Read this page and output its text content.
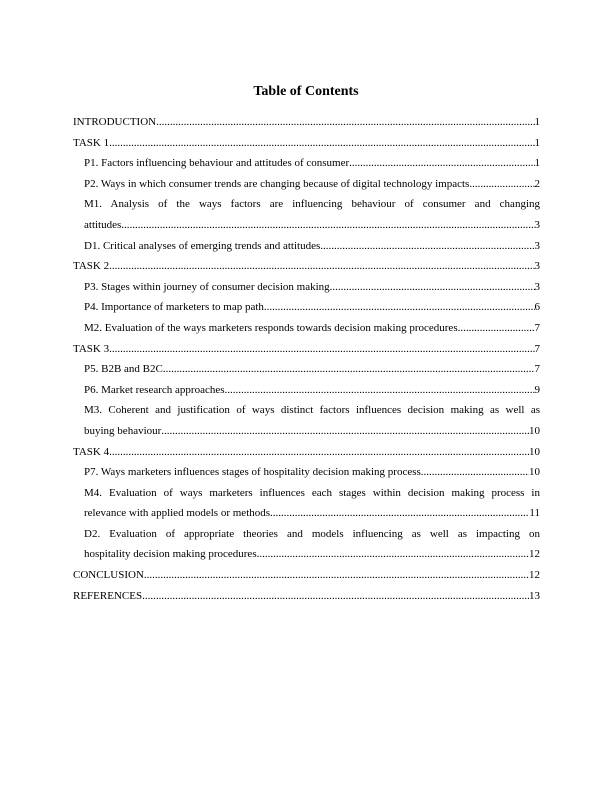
Table of Contents
INTRODUCTION .....	1
TASK 1 .....	1
P1. Factors influencing behaviour and attitudes of consumer .....	1
P2. Ways in which consumer trends are changing because of digital technology impacts .....	2
M1. Analysis of the ways factors are influencing behaviour of consumer and changing
attitudes .....	3
D1. Critical analyses of emerging trends and attitudes .....	3
TASK 2 .....	3
P3. Stages within journey of consumer decision making .....	3
P4. Importance of marketers to map path .....	6
M2. Evaluation of the ways marketers responds towards decision making procedures .....	7
TASK 3 .....	7
P5. B2B and B2C .....	7
P6. Market research approaches .....	9
M3. Coherent and justification of ways distinct factors influences decision making as well as
buying behaviour .....	10
TASK 4 .....	10
P7. Ways marketers influences stages of hospitality decision making process .....	10
M4. Evaluation of ways marketers influences each stages within decision making process in
relevance with applied models or methods .....	11
D2. Evaluation of appropriate theories and models influencing as well as impacting on
hospitality decision making procedures .....	12
CONCLUSION .....	12
REFERENCES .....	13
